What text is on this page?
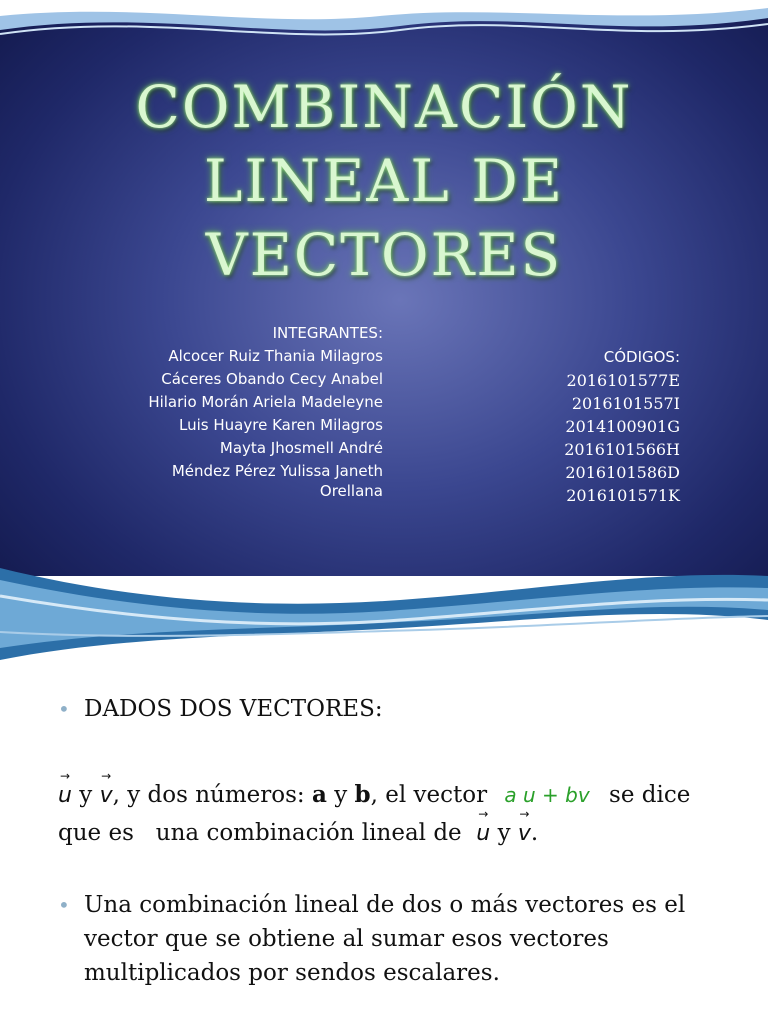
COMBINACIÓN
LINEAL DE
VECTORES
INTEGRANTES:
Alcocer Ruiz Thania Milagros
Cáceres Obando Cecy Anabel
Hilario Morán Ariela Madeleyne
Luis Huayre Karen Milagros
Mayta Jhosmell André
Méndez Pérez Yulissa Janeth
Orellana
CÓDIGOS:
2016101577E
2016101557I
2014100901G
2016101566H
2016101586D
2016101571K
• DADOS DOS VECTORES:
→
u y
→
v, y dos números: a y b, el vector a u + bv se dice
que es   una combinación lineal de
→
u y
→
v.
• Una combinación lineal de dos o más vectores es el vector que se obtiene al sumar esos vectores multiplicados por sendos escalares.
